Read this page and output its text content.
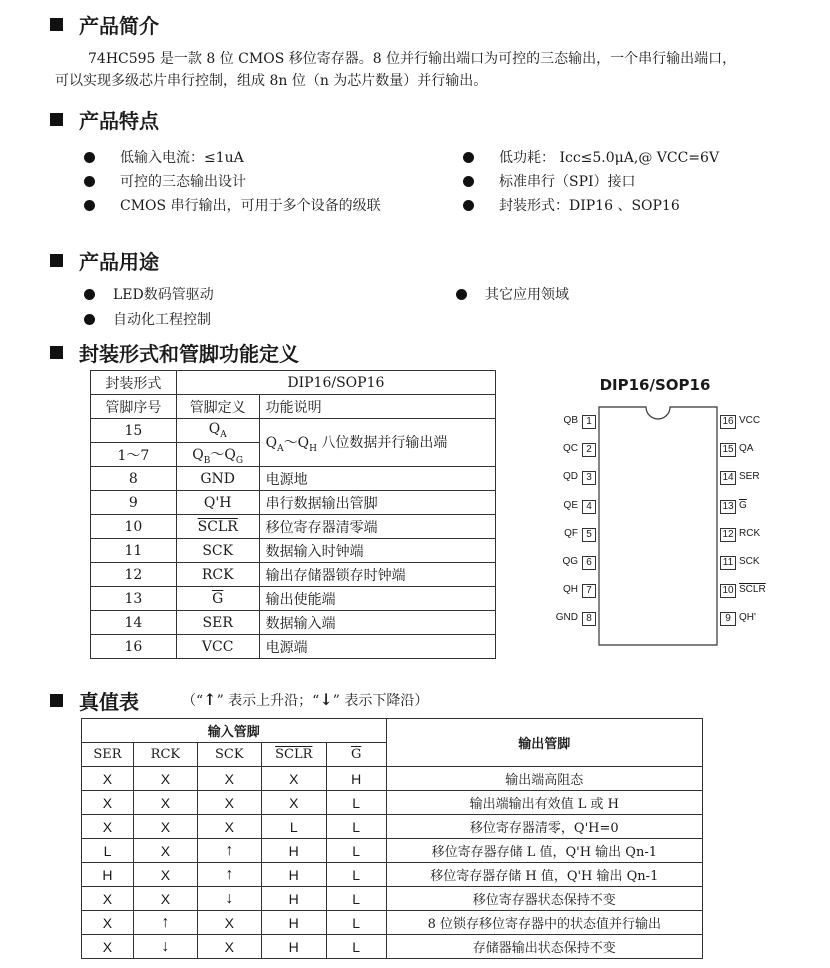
产品简介
74HC595 是一款 8 位 CMOS 移位寄存器。8 位并行输出端口为可控的三态输出，一个串行输出端口，
可以实现多级芯片串行控制，组成 8n 位（n 为芯片数量）并行输出。
产品特点
低输入电流：≤1uA
可控的三态输出设计
CMOS 串行输出，可用于多个设备的级联
低功耗： Icc≤5.0μA,@ VCC=6V
标准串行（SPI）接口
封装形式：DIP16 、SOP16
产品用途
LED数码管驱动
自动化工程控制
其它应用领域
封装形式和管脚功能定义
封装形式	DIP16/SOP16	
管脚序号	管脚定义	功能说明
15	$Q_A$	$Q_A\sim Q_H$ 八位数据并行输出端
1～7	$Q_B\sim Q_G$
8	GND	电源地
9	Q'H	串行数据输出管脚
10	SCLR	移位寄存器清零端
11	SCK	数据输入时钟端
12	RCK	输出存储器锁存时钟端
13	$\overline{G}$	输出使能端
14	SER	数据输入端
16	VCC	电源端
DIP16/SOP16
1
QB
2
QC
3
QD
4
QE
5
QF
6
QG
7
QH
8
GND
16 VCC
15 QA
14 SER
13 $\overline{G}$
12 RCK
11 SCK
10 SCLR
9 QH'
真值表	（“↑” 表示上升沿；“↓” 表示下降沿）
输入管脚					输出管脚
SER	RCK	SCK	SCLR	$\overline{G}$
X	X	X	X	H	输出端高阻态
X	X	X	X	L	输出端输出有效值 L 或 H
X	X	X	L	L	移位寄存器清零，Q'H=0
L	X	↑	H	L	移位寄存器存储 L 值，Q'H 输出 Qn-1
H	X	↑	H	L	移位寄存器存储 H 值，Q'H 输出 Qn-1
X	X	↓	H	L	移位寄存器状态保持不变
X	↑	X	H	L	8 位锁存移位寄存器中的状态值并行输出
X	↓	X	H	L	存储器输出状态保持不变
